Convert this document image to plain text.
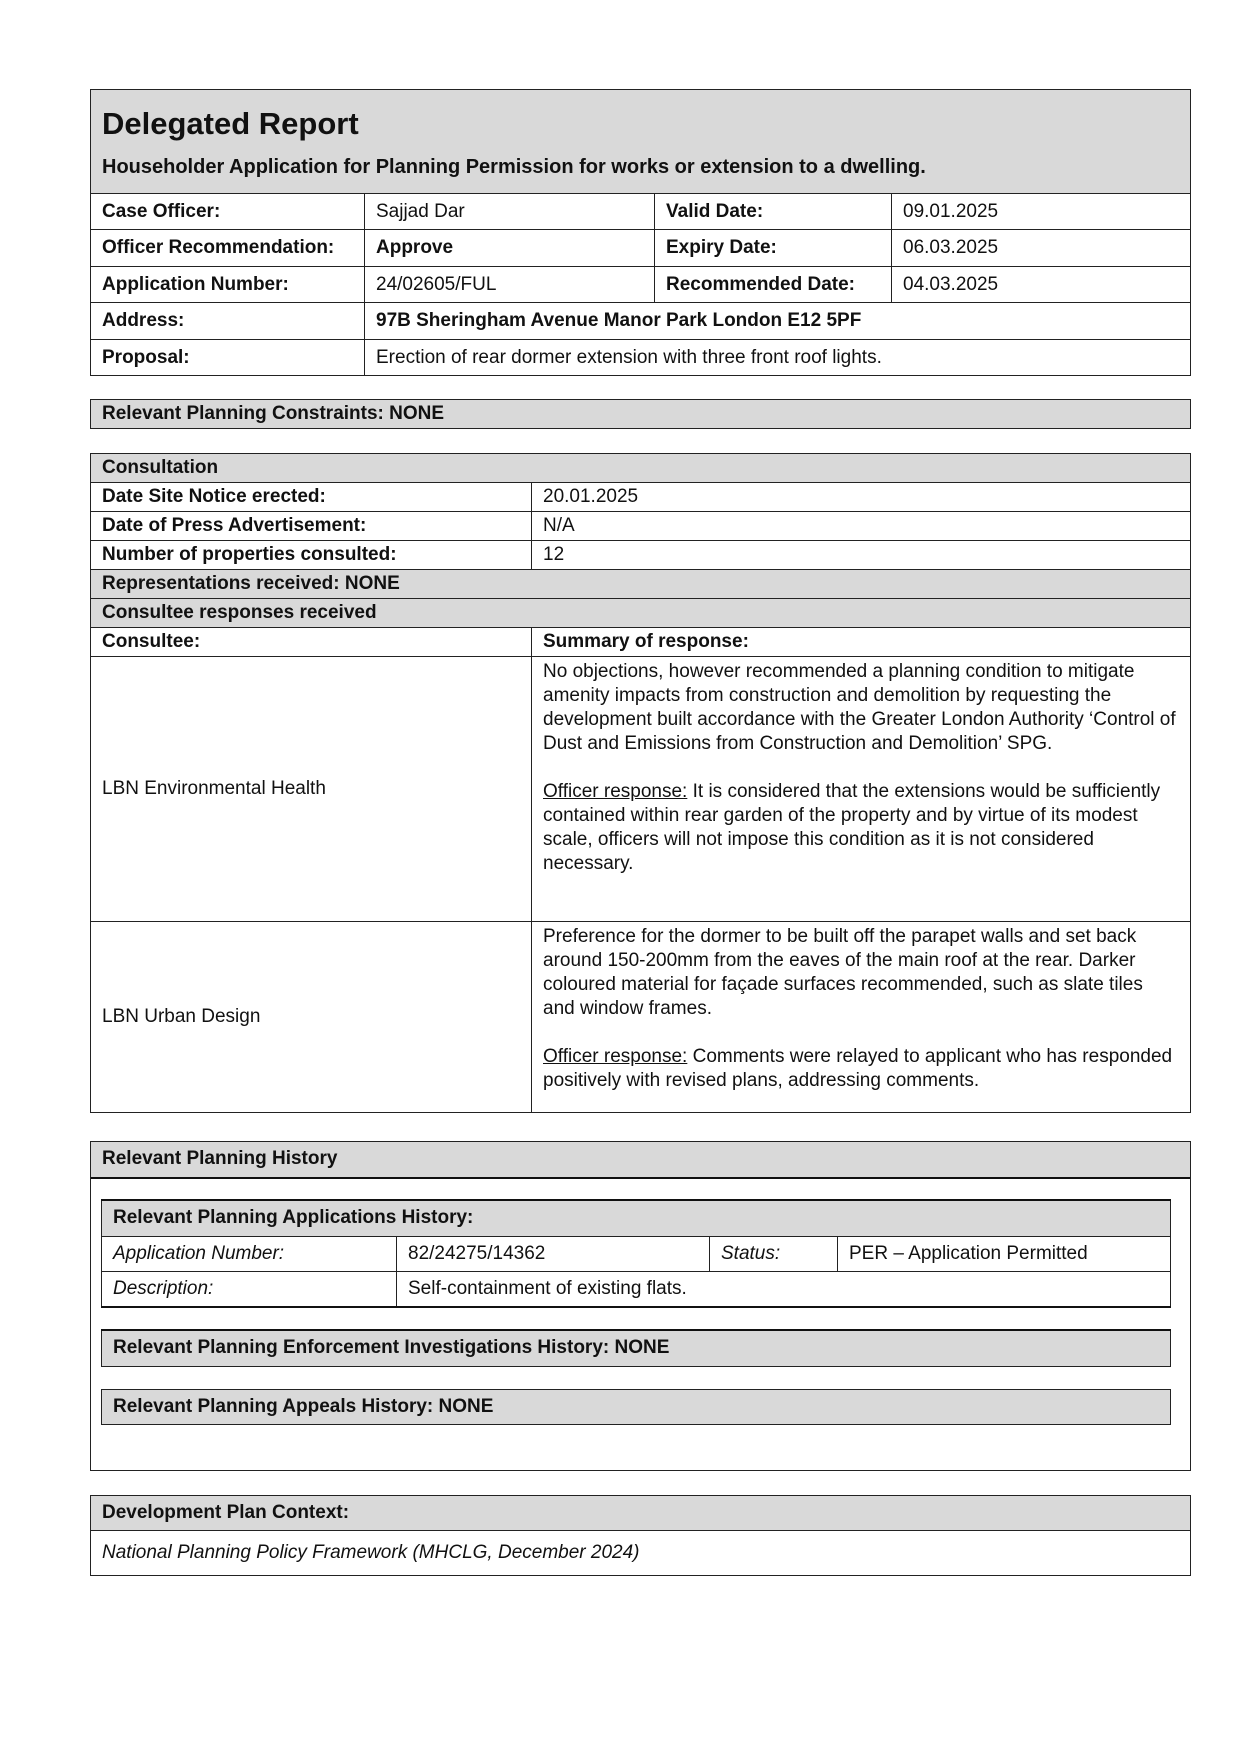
Delegated Report
Householder Application for Planning Permission for works or extension to a dwelling.			

Case Officer:	Sajjad Dar	Valid Date:	09.01.2025
Officer Recommendation:	Approve	Expiry Date:	06.03.2025
Application Number:	24/02605/FUL	Recommended Date:	04.03.2025
Address:	97B Sheringham Avenue Manor Park London E12 5PF		
Proposal:	Erection of rear dormer extension with three front roof lights.		
Relevant Planning Constraints: NONE
Consultation	
Date Site Notice erected:	20.01.2025
Date of Press Advertisement:	N/A
Number of properties consulted:	12
Representations received: NONE	
Consultee responses received	
Consultee:	Summary of response:
LBN Environmental Health	No objections, however recommended a planning condition to mitigate amenity impacts from construction and demolition by requesting the development built accordance with the Greater London Authority ‘Control of Dust and Emissions from Construction and Demolition’ SPG.

Officer response: It is considered that the extensions would be sufficiently contained within rear garden of the property and by virtue of its modest scale, officers will not impose this condition as it is not considered necessary.

LBN Urban Design	Preference for the dormer to be built off the parapet walls and set back around 150-200mm from the eaves of the main roof at the rear. Darker coloured material for façade surfaces recommended, such as slate tiles and window frames.

Officer response: Comments were relayed to applicant who has responded positively with revised plans, addressing comments.

Relevant Planning History
Relevant Planning Applications History:			
Application Number:	82/24275/14362	Status:	PER – Application Permitted
Description:	Self-containment of existing flats.		
Relevant Planning Enforcement Investigations History: NONE
Relevant Planning Appeals History: NONE
Development Plan Context:
National Planning Policy Framework (MHCLG, December 2024)
